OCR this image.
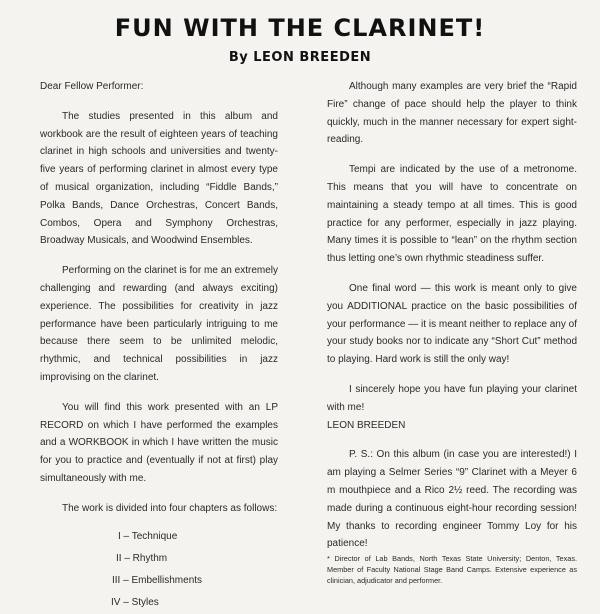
FUN WITH THE CLARINET!
By LEON BREEDEN

Dear Fellow Performer:

The studies presented in this album and workbook are the result of eighteen years of teaching clarinet in high schools and universities and twenty-five years of performing clarinet in almost every type of musical organization, including “Fiddle Bands,” Polka Bands, Dance Orchestras, Concert Bands, Combos, Opera and Symphony Orchestras, Broadway Musicals, and Woodwind Ensembles.

Performing on the clarinet is for me an extremely challenging and rewarding (and always exciting) experience. The possibilities for creativity in jazz performance have been particularly intriguing to me because there seem to be unlimited melodic, rhythmic, and technical possibilities in jazz improvising on the clarinet.

You will find this work presented with an LP RECORD on which I have performed the examples and a WORKBOOK in which I have written the music for you to practice and (eventually if not at first) play simultaneously with me.

The work is divided into four chapters as follows:

I – Technique
II – Rhythm
III – Embellishments
IV – Styles

Although many examples are very brief the “Rapid Fire” change of pace should help the player to think quickly, much in the manner necessary for expert sight-reading.

Tempi are indicated by the use of a metronome. This means that you will have to concentrate on maintaining a steady tempo at all times. This is good practice for any performer, especially in jazz playing. Many times it is possible to “lean” on the rhythm section thus letting one’s own rhythmic steadiness suffer.

One final word — this work is meant only to give you ADDITIONAL practice on the basic possibilities of your performance — it is meant neither to replace any of your study books nor to indicate any “Short Cut” method to playing. Hard work is still the only way!

I sincerely hope you have fun playing your clarinet with me!

LEON BREEDEN

P. S.: On this album (in case you are interested!) I am playing a Selmer Series “9” Clarinet with a Meyer 6 m mouthpiece and a Rico 2½ reed. The recording was made during a continuous eight-hour recording session! My thanks to recording engineer Tommy Loy for his patience!

* Director of Lab Bands, North Texas State University; Denton, Texas. Member of Faculty National Stage Band Camps. Extensive experience as clinician, adjudicator and performer.
